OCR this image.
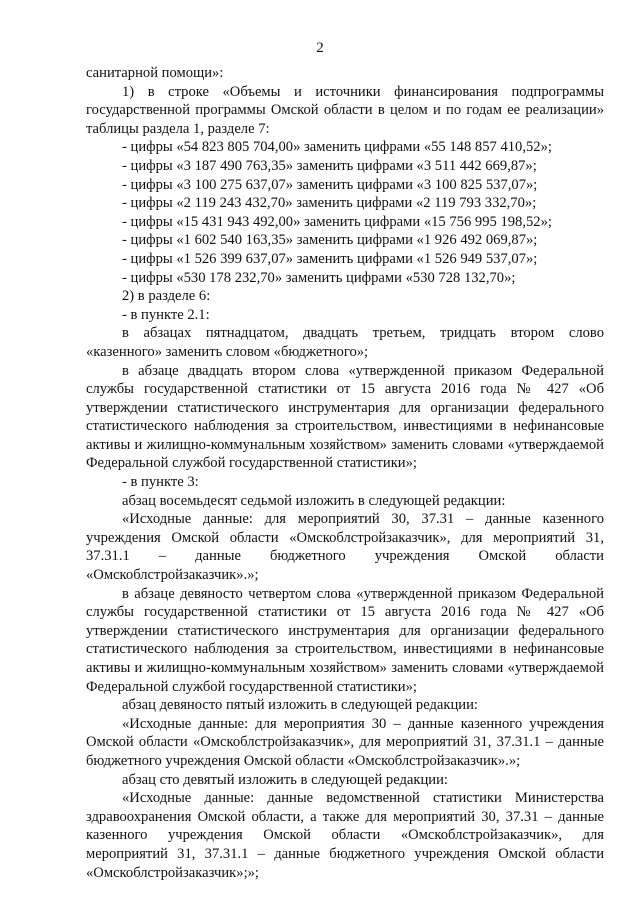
2

санитарной помощи»:

1) в строке «Объемы и источники финансирования подпрограммы государственной программы Омской области в целом и по годам ее реализации» таблицы раздела 1, разделе 7:

- цифры «54 823 805 704,00» заменить цифрами «55 148 857 410,52»;

- цифры «3 187 490 763,35» заменить цифрами «3 511 442 669,87»;

- цифры «3 100 275 637,07» заменить цифрами «3 100 825 537,07»;

- цифры «2 119 243 432,70» заменить цифрами «2 119 793 332,70»;

- цифры «15 431 943 492,00» заменить цифрами «15 756 995 198,52»;

- цифры «1 602 540 163,35» заменить цифрами «1 926 492 069,87»;

- цифры «1 526 399 637,07» заменить цифрами «1 526 949 537,07»;

- цифры «530 178 232,70» заменить цифрами «530 728 132,70»;

2) в разделе 6:

- в пункте 2.1:

в абзацах пятнадцатом, двадцать третьем, тридцать втором слово «казенного» заменить словом «бюджетного»;

в абзаце двадцать втором слова «утвержденной приказом Федеральной службы государственной статистики от 15 августа 2016 года № 427 «Об утверждении статистического инструментария для организации федерального статистического наблюдения за строительством, инвестициями в нефинансовые активы и жилищно-коммунальным хозяйством» заменить словами «утверждаемой Федеральной службой государственной статистики»;

- в пункте 3:

абзац восемьдесят седьмой изложить в следующей редакции:

«Исходные данные: для мероприятий 30, 37.31 – данные казенного учреждения Омской области «Омскоблстройзаказчик», для мероприятий 31, 37.31.1 – данные бюджетного учреждения Омской области «Омскоблстройзаказчик».»;

в абзаце девяносто четвертом слова «утвержденной приказом Федеральной службы государственной статистики от 15 августа 2016 года № 427 «Об утверждении статистического инструментария для организации федерального статистического наблюдения за строительством, инвестициями в нефинансовые активы и жилищно-коммунальным хозяйством» заменить словами «утверждаемой Федеральной службой государственной статистики»;

абзац девяносто пятый изложить в следующей редакции:

«Исходные данные: для мероприятия 30 – данные казенного учреждения Омской области «Омскоблстройзаказчик», для мероприятий 31, 37.31.1 – данные бюджетного учреждения Омской области «Омскоблстройзаказчик».»;

абзац сто девятый изложить в следующей редакции:

«Исходные данные: данные ведомственной статистики Министерства здравоохранения Омской области, а также для мероприятий 30, 37.31 – данные казенного учреждения Омской области «Омскоблстройзаказчик», для мероприятий 31, 37.31.1 – данные бюджетного учреждения Омской области «Омскоблстройзаказчик»;»;
